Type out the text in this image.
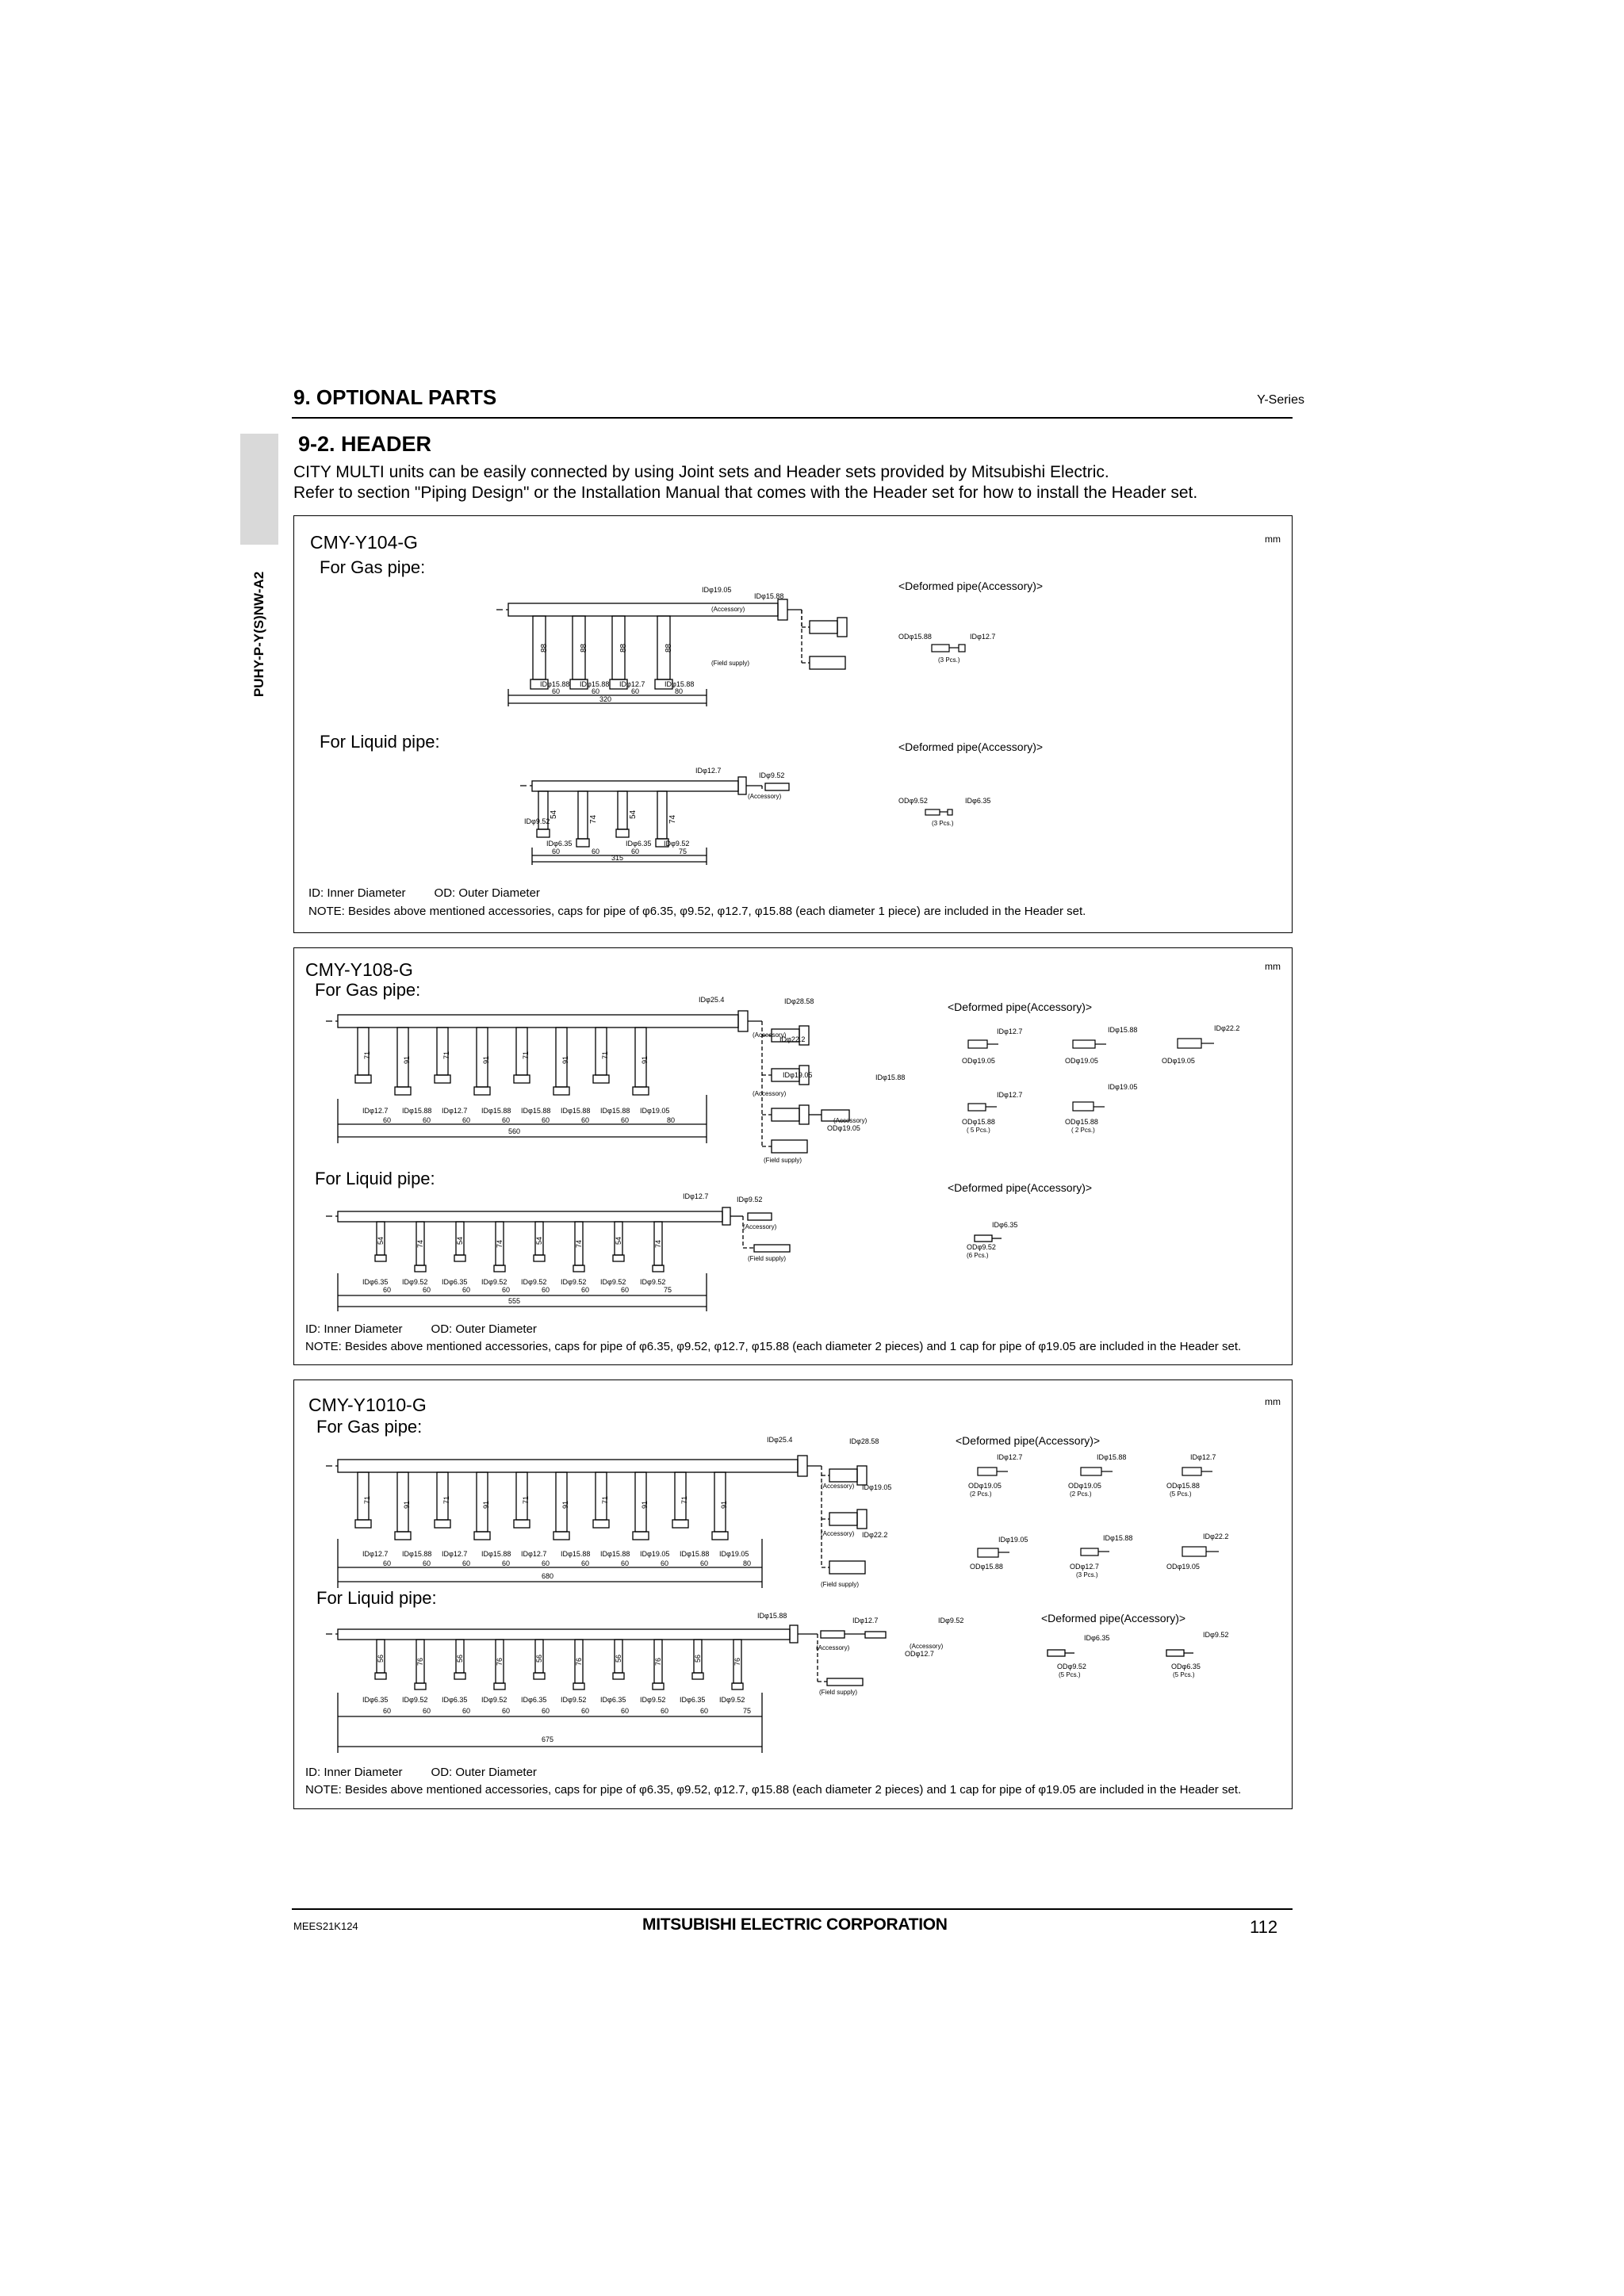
9. OPTIONAL PARTS	Y-Series
PUHY-P-Y(S)NW-A2
9-2. HEADER
CITY MULTI units can be easily connected by using Joint sets and Header sets provided by Mitsubishi Electric.
Refer to section "Piping Design" or the Installation Manual that comes with the Header set for how to install the Header set.
CMY-Y104-G	mm
For Gas pipe:
For Liquid pipe:
<Deformed pipe(Accessory)>
<Deformed pipe(Accessory)>
88	88	88	88
IDφ15.88 IDφ15.88 IDφ12.7	IDφ15.88
60	60	60	80
320
IDφ19.05
IDφ15.88
(Accessory)
(Field supply)
ODφ15.88	IDφ12.7
(3 Pcs.)
IDφ9.52
54
74
54
74
IDφ6.35	IDφ6.35 IDφ9.52
60	60	60	75
315
IDφ12.7
IDφ9.52
(Accessory)
ODφ9.52	IDφ6.35
(3 Pcs.)
ID: Inner Diameter OD: Outer Diameter
NOTE: Besides above mentioned accessories, caps for pipe of φ6.35, φ9.52, φ12.7, φ15.88 (each diameter 1 piece) are included in the Header set.
CMY-Y108-G	mm
For Gas pipe:
For Liquid pipe:
<Deformed pipe(Accessory)>
<Deformed pipe(Accessory)>
71
91
71
91
71
91
71
91
IDφ12.7 IDφ15.88 IDφ12.7 IDφ15.88 IDφ15.88 IDφ15.88 IDφ15.88 IDφ19.05
60	60	60	60	60	60	60	80
560
IDφ25.4	IDφ28.58
(Accessory)
IDφ22.2
IDφ19.05
(Accessory)
IDφ15.88
(Accessory)
ODφ19.05
(Field supply)
IDφ12.7
ODφ19.05
IDφ15.88
ODφ19.05
IDφ22.2
ODφ19.05
IDφ12.7
ODφ15.88
( 5 Pcs.)
IDφ19.05
ODφ15.88
( 2 Pcs.)
54	74	54	74	54	74	54	74
IDφ6.35 IDφ9.52 IDφ6.35 IDφ9.52 IDφ9.52 IDφ9.52 IDφ9.52 IDφ9.52
60	60	60	60	60	60	60	75
555
IDφ12.7	IDφ9.52
(Accessory)
(Field supply)
IDφ6.35
ODφ9.52
(6 Pcs.)
ID: Inner Diameter OD: Outer Diameter
NOTE: Besides above mentioned accessories, caps for pipe of φ6.35, φ9.52, φ12.7, φ15.88 (each diameter 2 pieces) and 1 cap for pipe of φ19.05 are included in the Header set.
CMY-Y1010-G	mm
For Gas pipe:
For Liquid pipe:
<Deformed pipe(Accessory)>
<Deformed pipe(Accessory)>
71
91
71
91
71
91
71
91
71
91
IDφ12.7 IDφ15.88 IDφ12.7 IDφ15.88 IDφ12.7 IDφ15.88 IDφ15.88 IDφ19.05 IDφ15.88 IDφ19.05
60	60	60	60	60	60	60	60	60	80
680
IDφ25.4	IDφ28.58
(Accessory) IDφ19.05
(Accessory) IDφ22.2
(Field supply)
IDφ12.7
ODφ19.05
(2 Pcs.)
IDφ15.88
ODφ19.05
(2 Pcs.)
IDφ12.7
ODφ15.88
(5 Pcs.)
IDφ19.05
ODφ15.88
IDφ15.88
ODφ12.7
(3 Pcs.)
IDφ22.2
ODφ19.05
56	76	56	76	56	76	56	76	56	76
IDφ6.35 IDφ9.52 IDφ6.35 IDφ9.52 IDφ6.35 IDφ9.52 IDφ6.35 IDφ9.52 IDφ6.35 IDφ9.52
60	60	60	60	60	60	60	60	60	75
675
IDφ15.88
IDφ12.7
(Accessory)
IDφ9.52
(Accessory)
ODφ12.7
(Field supply)
IDφ6.35
ODφ9.52
(5 Pcs.)
IDφ9.52
ODφ6.35
(5 Pcs.)
ID: Inner Diameter OD: Outer Diameter
NOTE: Besides above mentioned accessories, caps for pipe of φ6.35, φ9.52, φ12.7, φ15.88 (each diameter 2 pieces) and 1 cap for pipe of φ19.05 are included in the Header set.
MEES21K124	MITSUBISHI ELECTRIC CORPORATION	112
